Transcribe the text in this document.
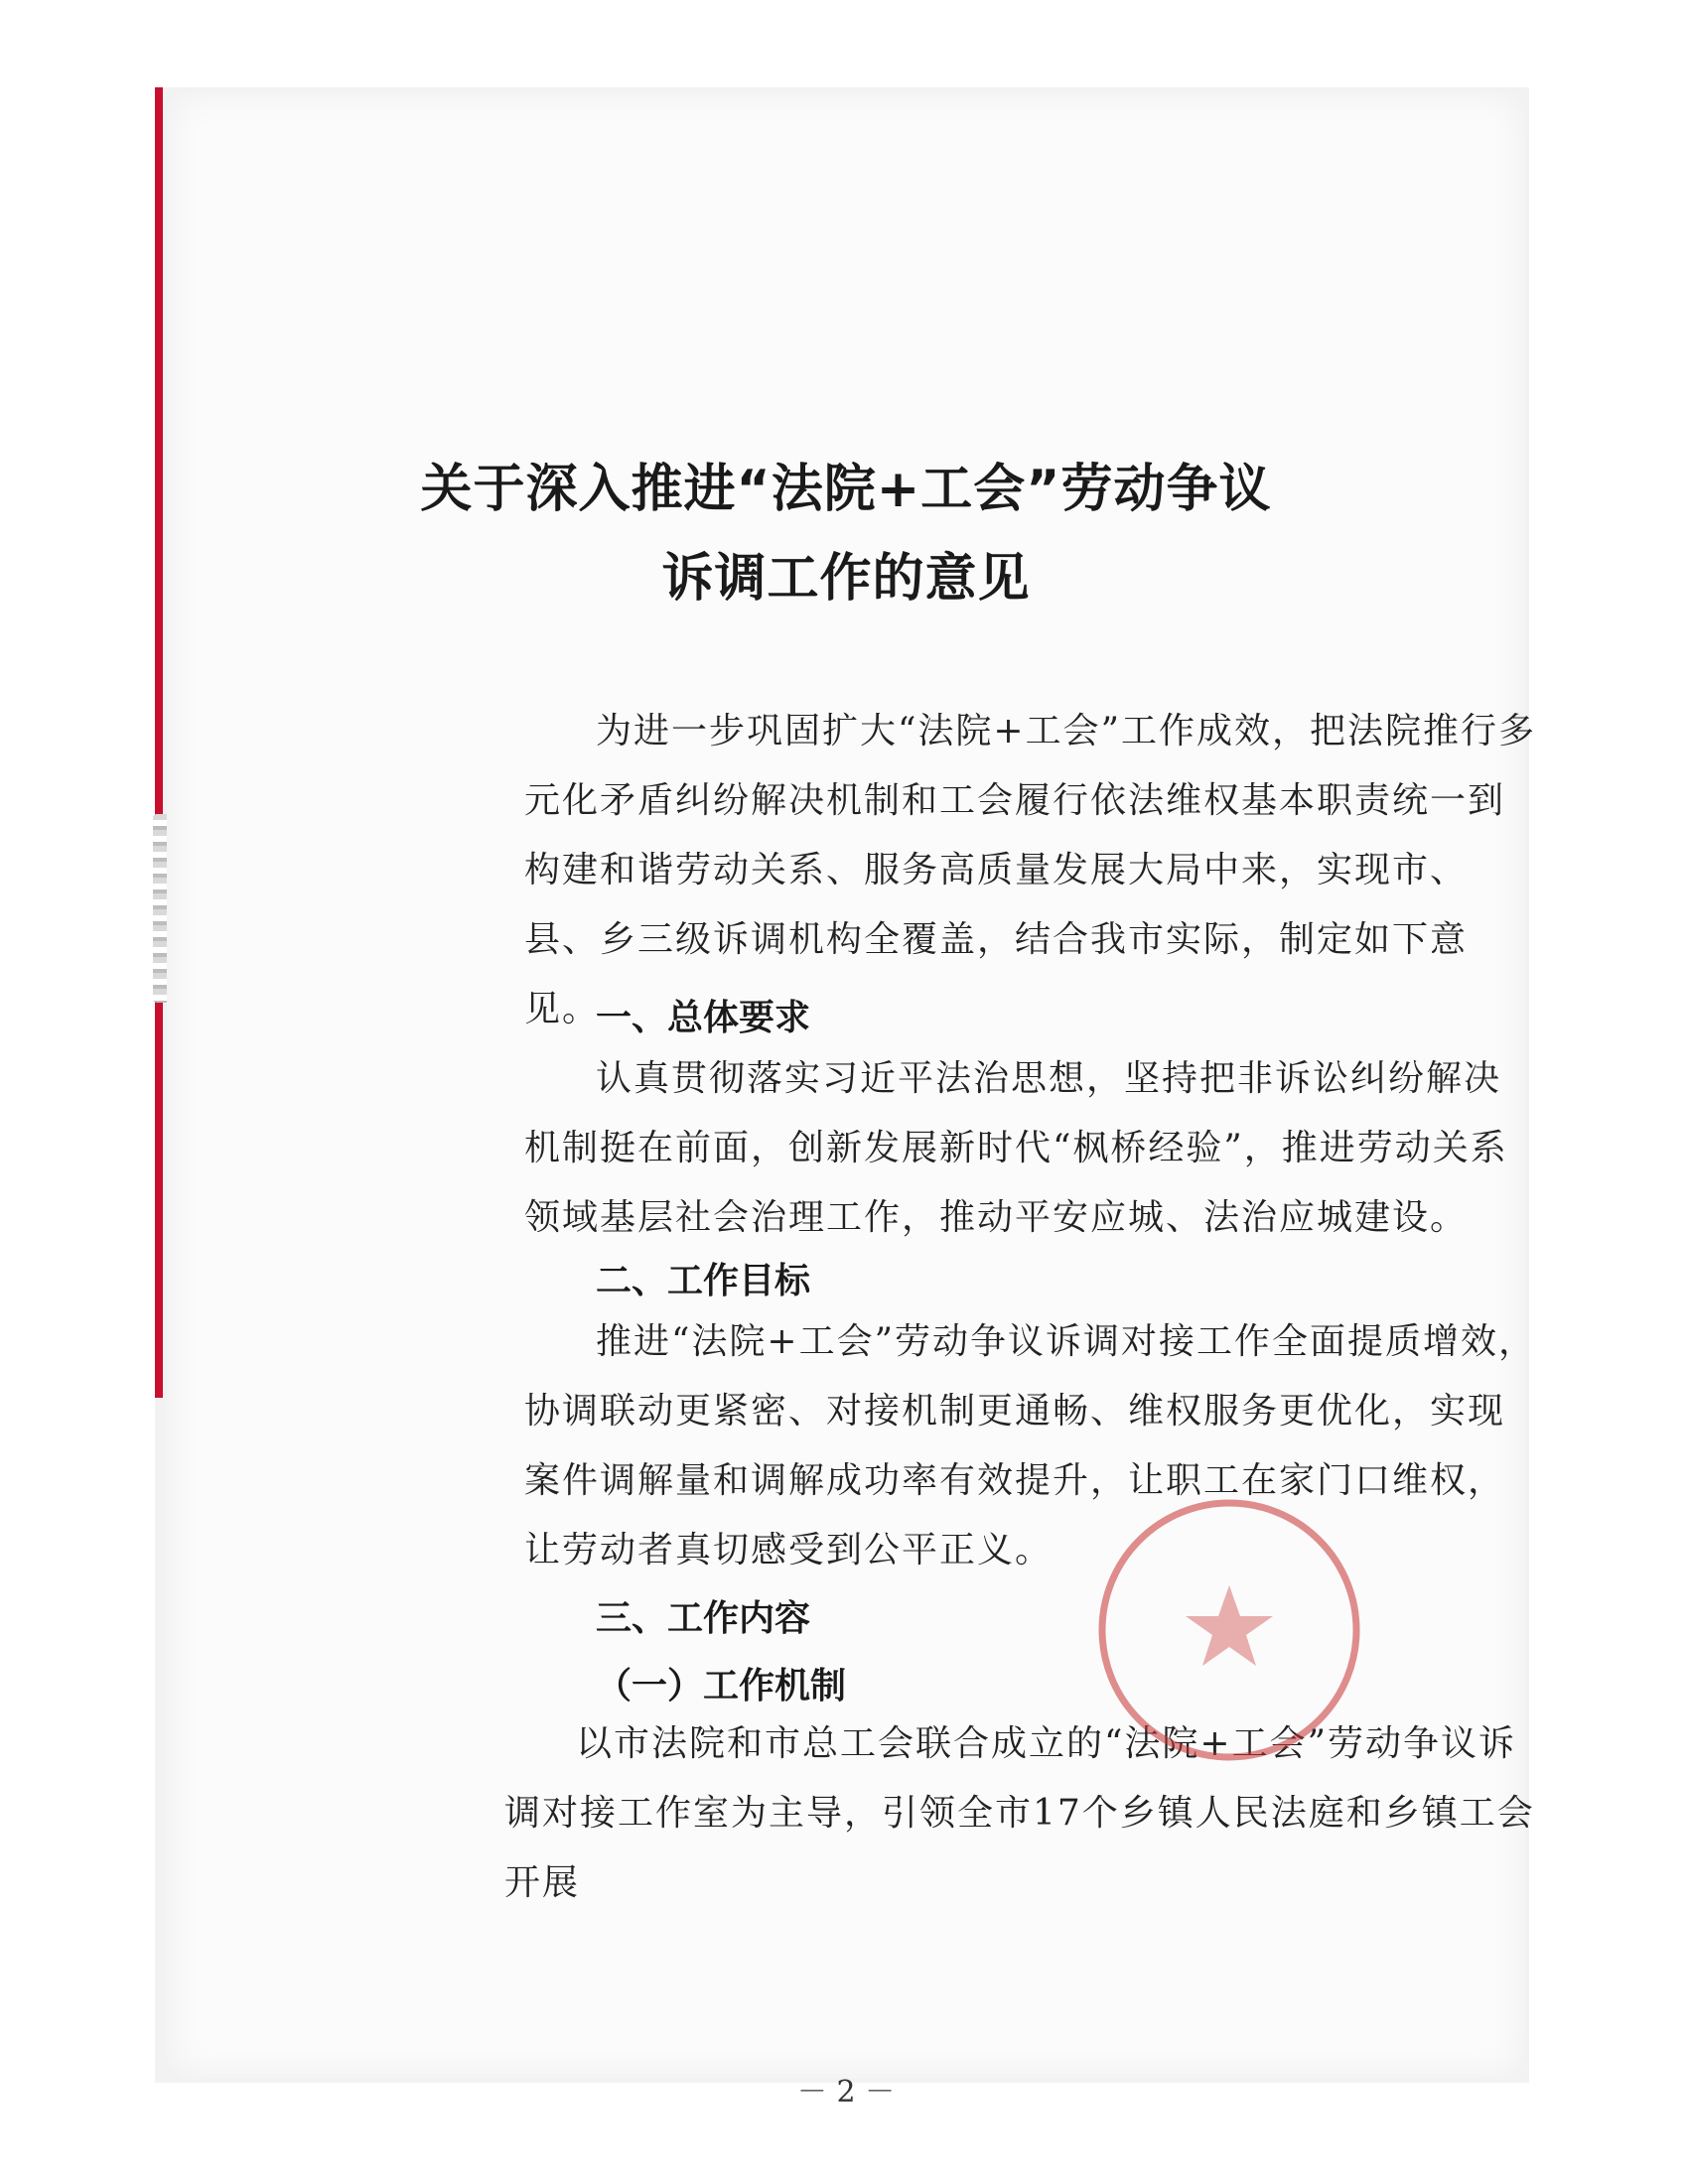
关于深入推进“法院+工会”劳动争议
诉调工作的意见

为进一步巩固扩大“法院+工会”工作成效，把法院推行多元化矛盾纠纷解决机制和工会履行依法维权基本职责统一到构建和谐劳动关系、服务高质量发展大局中来，实现市、县、乡三级诉调机构全覆盖，结合我市实际，制定如下意见。

一、总体要求

认真贯彻落实习近平法治思想，坚持把非诉讼纠纷解决机制挺在前面，创新发展新时代“枫桥经验”，推进劳动关系领域基层社会治理工作，推动平安应城、法治应城建设。

二、工作目标

推进“法院+工会”劳动争议诉调对接工作全面提质增效，协调联动更紧密、对接机制更通畅、维权服务更优化，实现案件调解量和调解成功率有效提升，让职工在家门口维权，让劳动者真切感受到公平正义。

三、工作内容
（一）工作机制

以市法院和市总工会联合成立的“法院+工会”劳动争议诉调对接工作室为主导，引领全市17个乡镇人民法庭和乡镇工会开展

－ 2 －
